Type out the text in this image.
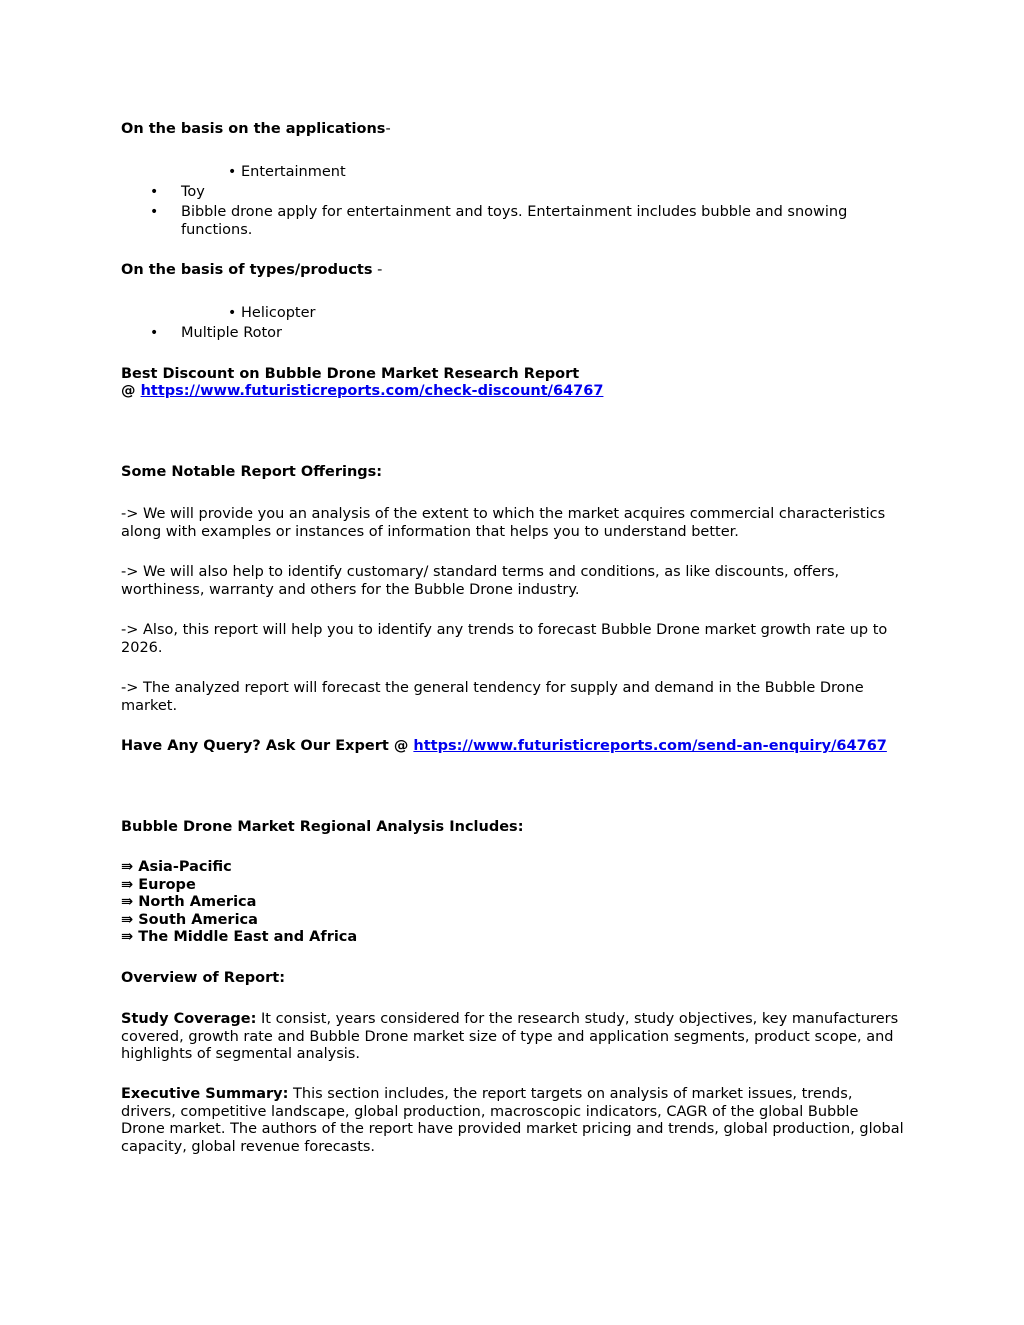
On the basis on the applications-

• Entertainment
• Toy
• Bibble drone apply for entertainment and toys. Entertainment includes bubble and snowing functions.

On the basis of types/products -

• Helicopter
• Multiple Rotor

Best Discount on Bubble Drone Market Research Report

@ https://www.futuristicreports.com/check-discount/64767

Some Notable Report Offerings:

-> We will provide you an analysis of the extent to which the market acquires commercial characteristics along with examples or instances of information that helps you to understand better.

-> We will also help to identify customary/ standard terms and conditions, as like discounts, offers, worthiness, warranty and others for the Bubble Drone industry.

-> Also, this report will help you to identify any trends to forecast Bubble Drone market growth rate up to 2026.

-> The analyzed report will forecast the general tendency for supply and demand in the Bubble Drone market.

Have Any Query? Ask Our Expert @ https://www.futuristicreports.com/send-an-enquiry/64767

Bubble Drone Market Regional Analysis Includes:

⇛ Asia-Pacific

⇛ Europe

⇛ North America

⇛ South America

⇛ The Middle East and Africa

Overview of Report:

Study Coverage: It consist, years considered for the research study, study objectives, key manufacturers covered, growth rate and Bubble Drone market size of type and application segments, product scope, and highlights of segmental analysis.

Executive Summary: This section includes, the report targets on analysis of market issues, trends, drivers, competitive landscape, global production, macroscopic indicators, CAGR of the global Bubble Drone market. The authors of the report have provided market pricing and trends, global production, global capacity, global revenue forecasts.
